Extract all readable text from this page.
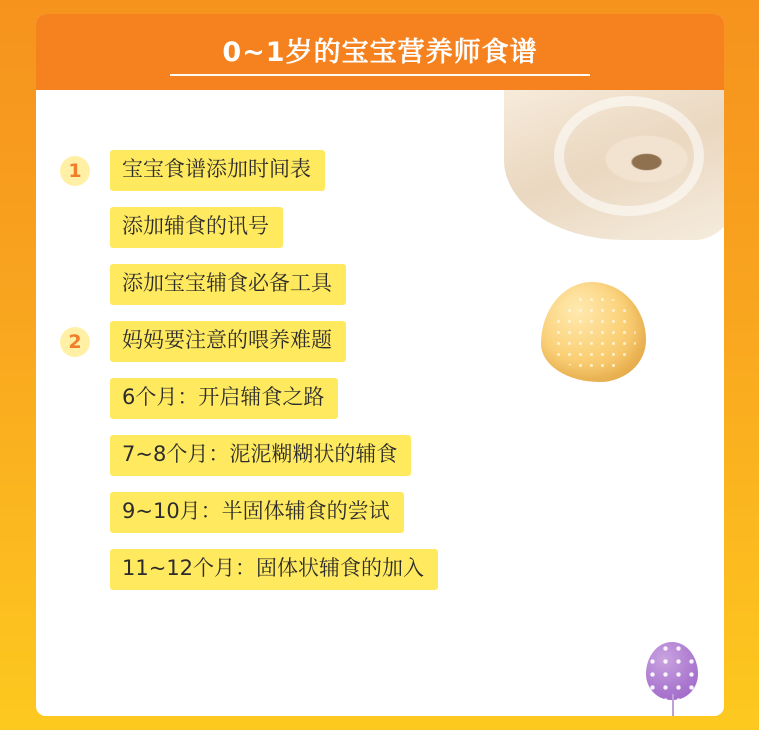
0~1岁的宝宝营养师食谱
1	宝宝食谱添加时间表
添加辅食的讯号
添加宝宝辅食必备工具
2	妈妈要注意的喂养难题
6个月：开启辅食之路
7~8个月：泥泥糊糊状的辅食
9~10月：半固体辅食的尝试
11~12个月：固体状辅食的加入
